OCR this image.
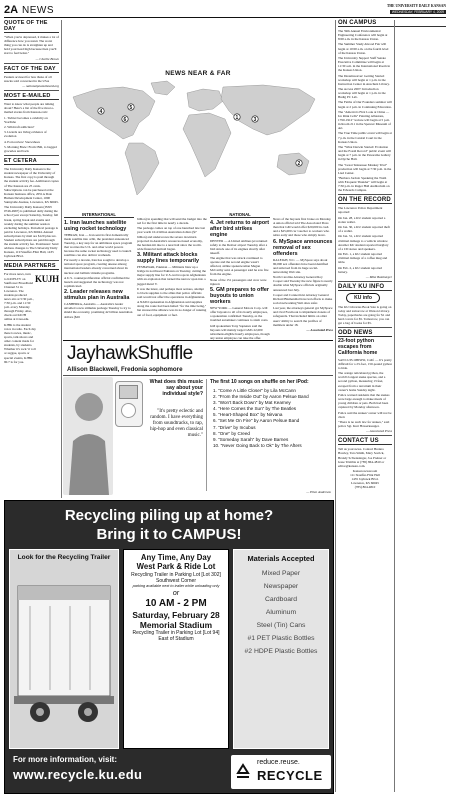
2A NEWS	THE UNIVERSITY DAILY KANSAN
WEDNESDAY, FEBRUARY 4, 2009
QUOTE OF THE DAY

"When you're depressed, it makes a lot of difference how you stand. The worst thing you can do is straighten up and hold your head high because then you'll start to feel better."

— Charlie Brown

FACT OF THE DAY

Peanuts accused for less thana of all snacks sold concerned in the USA

— nationalpeanutboard.org

MOST E-MAILED

Want to know what people are talking about? Here's a list of the five most e-mailed stories from Kansan.com:

1. Twitter becomes a celebrity on YouTube

2. Wildcraft addiction?

3. Lizards are living evidence of evolution

4. Porn review: Snowshoes

5. Morning Brew: From INR, to bagged groceries and back

ET CETERA

The University Daily Kansan is the student newspaper of the University of Kansas. The first copy is paid through the student activity fee. Additional copies of The Kansan are 25 cents. Subscriptions can be purchased at the Kansan business office, 2051A Dole Human Development Center, 1000 Sunnyside Avenue, Lawrence, KS 66045.

The University Daily Kansan (ISSN 0746-4967) is published daily during the school year except Saturday, Sunday, fall break, spring break and exams and weekly during the summer session excluding holidays. Periodical postage is paid in Lawrence, KS 66044. Annual subscriptions by mail are $120 plus tax. Student subscriptions are paid through the student activity fee. Postmaster: Send address changes to The University Daily Kansan, 119 Stauffer-Flint Hall, 1435 Jayhawk Blvd.

MEDIA PARTNERS

For more news, turn to KUJH-TV on Sunflower Broadband Channel 31 in Lawrence. The student-produced news airs at 5:30 p.m., 7:30 p.m. and 11:30 p.m. every Monday through Friday. Also, check out KUJH online at tv.ku.edu.

KUJH

KJHK is the student voice in radio. Each day there is news, music, sports, talk shows and other content made for students, by students. Whether it's rock 'n' roll or reggae, sports or special events, KJHK 90.7 is for you.

NEWS NEAR & FAR
1
2
3
4
5
6
INTERNATIONAL
1. Iran launches satellite using rocket technology

TEHRAN, Iran — Iran sent its first domestically made satellite into orbit, the president announced Tuesday, a key step for an ambitious space program that worries the U.S. and other world powers because the same rocket technology used to launch satellites can also deliver warheads.

For nearly a decade, Iran has sought to develop a national space program, creating unease among international leaders already concerned about its nuclear and ballistic missile programs.

A U.S. counterproliferation official confirmed the launch and suggested the technology was not sophisticated.

2. Leader releases new stimulus plan in Australia

CANBERRA, Australia — Australia's leader unveiled a new stimulus package Tuesday to try to shield the economy, promising 42 billion Australian dollars ($26

billion) in spending that will send the budget into the red for the first time in nearly a decade.

The package comes on top of one launched late last year worth 10.4 billion Australian dollars ($7 billion) and underscores the severe downturn projected in Australia's resources-based economy, the hardest-hit due to a near halt since the world-wide financial turmoil began.

3. Militant attack blocks supply lines temporarily

PESHAWAR, Pakistan — Militants blew up a bridge in northwest Pakistan on Tuesday, cutting the major supply line for U.S.-led troops in Afghanistan with an explosion that turned the narrow span into a jagged metal V.

It was the latest, and perhaps most serious, attempt to block supplies to the allies that police officials said would not affect the operations in Afghanistan.

A NATO spokesman in Afghanistan said supplies along the route had been halted "for the time being," but stressed the alliance was in no danger of running out of food, equipment or fuel.

NATIONAL
4. Jet returns to airport after bird strikes engine

DENVER — A United Airlines jet returned safely to the Denver airport Tuesday after a bird struck one of its engines shortly after takeoff.

The engine that was struck continued to operate and the second engine wasn't affected, airline spokeswoman Megan McCarthy said. A passenger said he saw fire from the engine.

None of the 151 passengers and crew were injured.

5. GM prepares to offer buyouts to union workers

NEW YORK — General Motors Corp. will offer buyouts to all of its hourly employees, a spokesman confirmed Tuesday, as the troubled automaker continues to slash costs.

GM spokesman Tony Sapienza said the buyouts will mainly target GM's 22,000 retirement-eligible hourly employees, though any union employee can take the offer.

News of the buyouts first broke on Monday. A union official told The Associated Press then that GM would offer $20,000 in cash and a $25,000 car voucher to workers who retire early and those who simply leave.

6. MySpace announces removal of sex offenders

RALEIGH, N.C. — MySpace says about 90,000 sex offenders have been identified and removed from its huge social-networking Web site.

North Carolina Attorney General Roy Cooper said Tuesday the new figure is nearly double what MySpace officials originally announced last July.

Cooper and Connecticut Attorney General Richard Blumenthal have led efforts to make social networking Web sites safer.

Last year, the attorneys general got MySpace and rival Facebook to implement dozens of safeguards. That included limits on older users' ability to search the profiles of members under 18.

— Associated Press

ON CAMPUS

The 59th Annual Environmental Engineering Conference will begin at 8:00 a.m. in the Kansas Union.

The Summer Study Abroad Fair will begin at 10:00 a.m. on the fourth level of the Kansas Union.

The University Support Staff Senate Executive Committee will begin at 11:30 a.m. in the International Room in the Kansas Union.

The Dreamweaver: Getting Started workshop will begin at 1 p.m. in the Instruction Center in Anschutz Library.

The Access 2007: Introduction workshop will begin at 1 p.m. in the Budig PC Lab.

The Faiths of Our Founders seminar will begin at 2 p.m. in Continuing Education.

The "America's First Look at China — Ice Rink Cells" Painting Allusions, 1790-1912" lecture will begin at 5 p.m. in Room 211 in the Spencer Museum of Art.

The True Time public event will begin at 7 p.m. in the Central Court in the Kansas Union.

The "What Darwin Started: Evolution and the Fossil Record" public event will begin at 7 p.m. in the Panorama Gallery in Dyche Hall.

The "Great Tennessee Monkey Trial" production will begin at 7:30 p.m. in the Lied Center.

"Barbara Jordan: Speaking the Truth with Eloquent Thunder" will begin at 7:30 p.m. in Ruger Hall Auditorium on the Edwards Campus.

ON THE RECORD

The Lawrence Police Department reported:

On Jan. 28, a KU student reported a stolen wallet.

On Jan. 30, a KU student reported theft of a wallet.

On Jan. 31, a KU student reported criminal damage to a vehicle window. Another KU student reported burglary of a CD stereo and speakers.

On Feb. 1, a KU student reported criminal damage of a coffee mug and table.

On Feb. 2, a KU student reported battery.

— Mike Bamburger

DAILY KU INFO
KU info

The KU Libraries Book Sale is going on today and tomorrow at Watson Library. Today, paperbacks are going for $1 and hard covers for $5. Tomorrow, you can get a bag of books for $5.

ODD NEWS
23-foot python escapes from California home

SAN LUIS OBISPO, Calif. — It's pretty difficult for a 23-foot, 150-pound python to hide.

The orange reticulated python, the world's longest snake species, and a second python, measuring 13 feet, escaped from a terrarium in their owner's home Sunday night.

Police warned residents that the snakes were large enough to make meals of young children or pets. Both had been captured by Monday afternoon.

Police said the snakes' owner will not be cited.

"There is no such law for snakes," said police Sgt. Kurt Hawerksauger.

— Associated Press

CONTACT US

Tell us your news. Contact Brenna Hawley, Tara Smith, Mary Sorrick, Brandy Schwiesinger, Joe Preiner or Jesse Trimble at (785) 864-4810 or editor@kansan.com.

Kansan newsroom

111 Stauffer-Flint Hall

1435 Jayhawk Blvd.

Lawrence, KS 66045

(785) 864-4810

JayhawkShuffle
Allison Blackwell, Fredonia sophomore
What does this music say about your individual style?
"It's pretty eclectic and random. I have everything from soundtracks, to rap, hip-hop and even classical music."
The first 10 songs on shuffle on her iPod:
1. "Come A Little Closer" by Lila McCann
2. "From the Inside Out" by Aaron Pelsue Band
3. "Won't Back Down" by Mat Kearney
4. "Here Comes the Sun" by The Beatles
5. "Heart-Shaped Box" by Nirvana
6. "Set Me On Fire" by Aaron Pelsue Band
7. "Drive" by Incubus
8. "One" by Creed
9. "Someday Sarah" by Dave Barnes
10. "Never Going Back to Ok" by The Afters
— Ellen Anderson
Recycling piling up at home?
Bring it to CAMPUS!
Look for the Recycling Trailer	Any Time, Any Day
West Park & Ride Lot
Recycling Trailer in Parking Lot [Lot 302] Southwest Corner
parking available next to trailer while unloading only
or
10 AM - 2 PM
Saturday, February 28
Memorial Stadium
Recycling Trailer in Parking Lot [Lot 94] East of Stadium
Materials Accepted
Mixed Paper
Newspaper
Cardboard
Aluminum
Steel (Tin) Cans
#1 PET Plastic Bottles
#2 HDPE Plastic Bottles
For more information, visit:
www.recycle.ku.edu
reduce.reuse.
RECYCLE
